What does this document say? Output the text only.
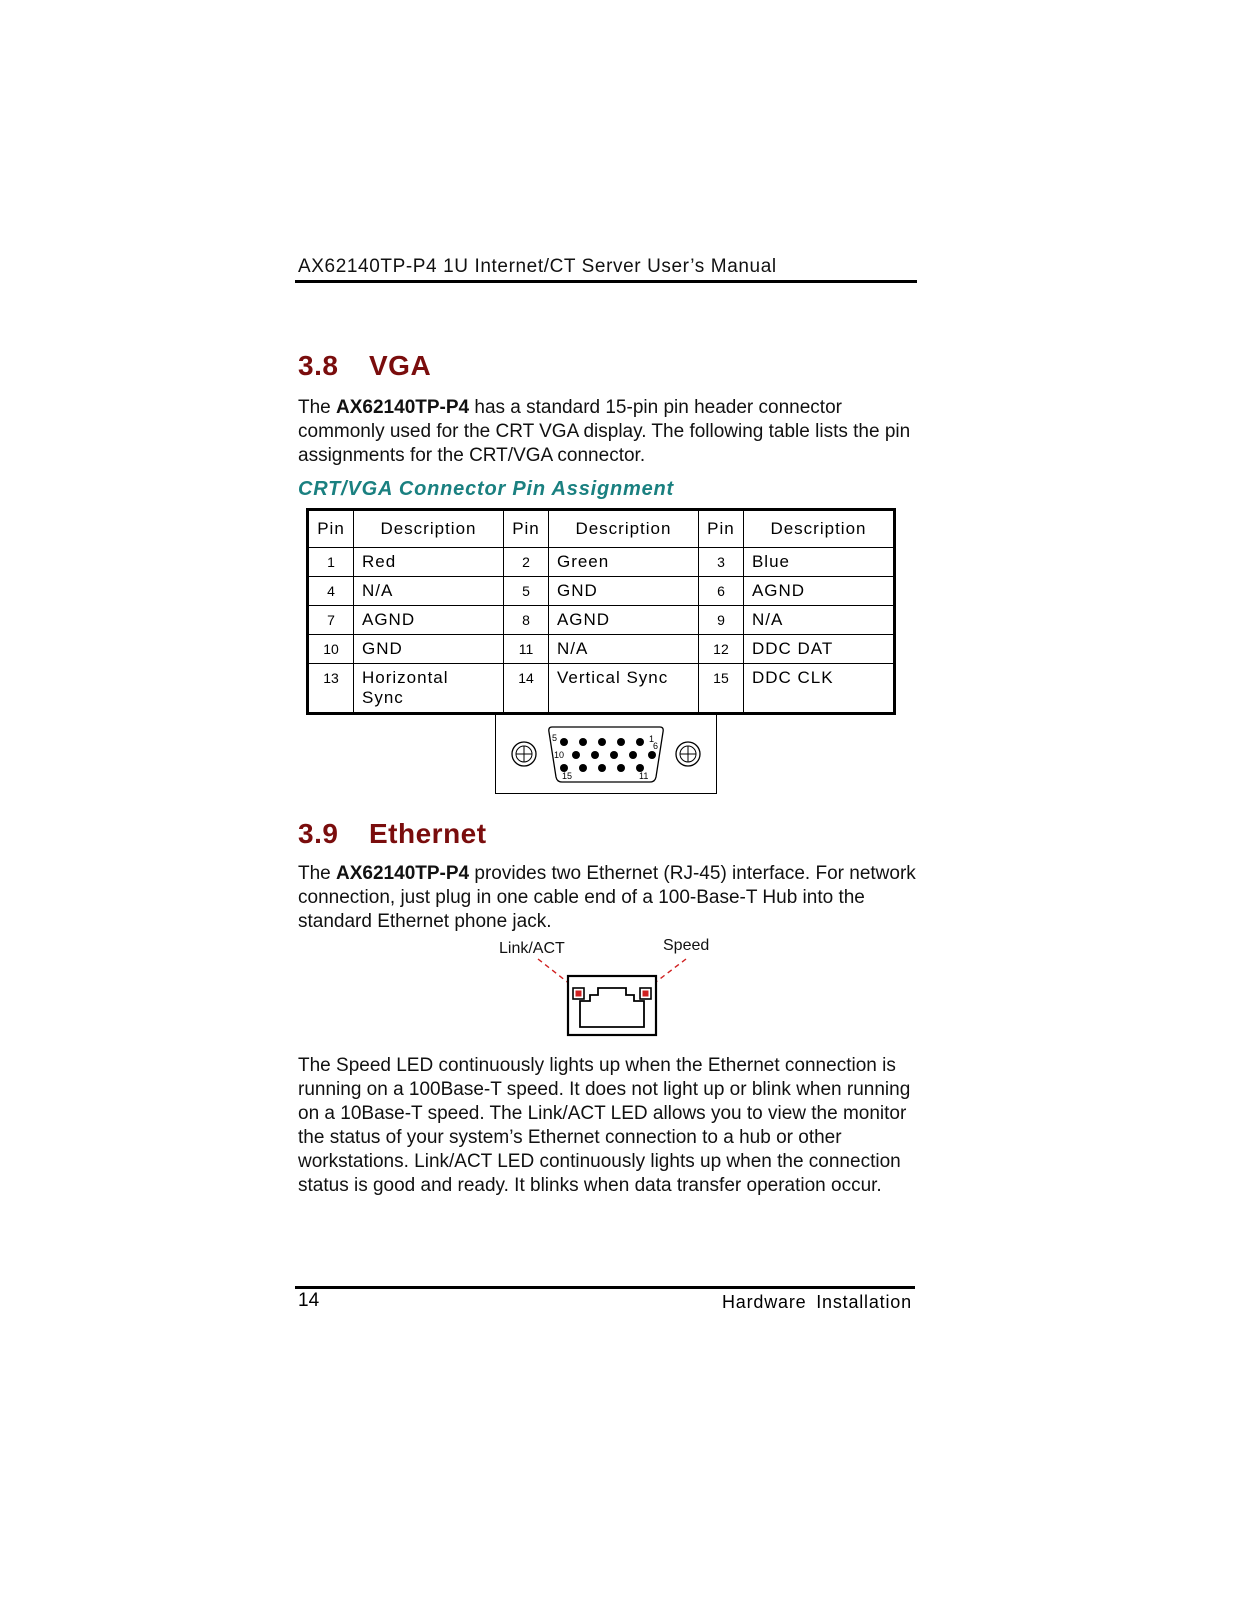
AX62140TP-P4 1U Internet/CT Server User’s Manual
3.8 VGA
The AX62140TP-P4 has a standard 15-pin pin header connector commonly used for the CRT VGA display. The following table lists the pin assignments for the CRT/VGA connector.
CRT/VGA Connector Pin Assignment
Pin	Description	Pin	Description	Pin	Description
1	Red	2	Green	3	Blue
4	N/A	5	GND	6	AGND
7	AGND	8	AGND	9	N/A
10	GND	11	N/A	12	DDC DAT
13	Horizontal Sync	14	Vertical Sync	15	DDC CLK
5	1
6
10
15	11
3.9 Ethernet
The AX62140TP-P4 provides two Ethernet (RJ-45) interface. For network connection, just plug in one cable end of a 100-Base-T Hub into the standard Ethernet phone jack.
Link/ACT	Speed
The Speed LED continuously lights up when the Ethernet connection is running on a 100Base-T speed. It does not light up or blink when running on a 10Base-T speed. The Link/ACT LED allows you to view the monitor the status of your system’s Ethernet connection to a hub or other workstations. Link/ACT LED continuously lights up when the connection status is good and ready. It blinks when data transfer operation occur.
14	Hardware Installation
